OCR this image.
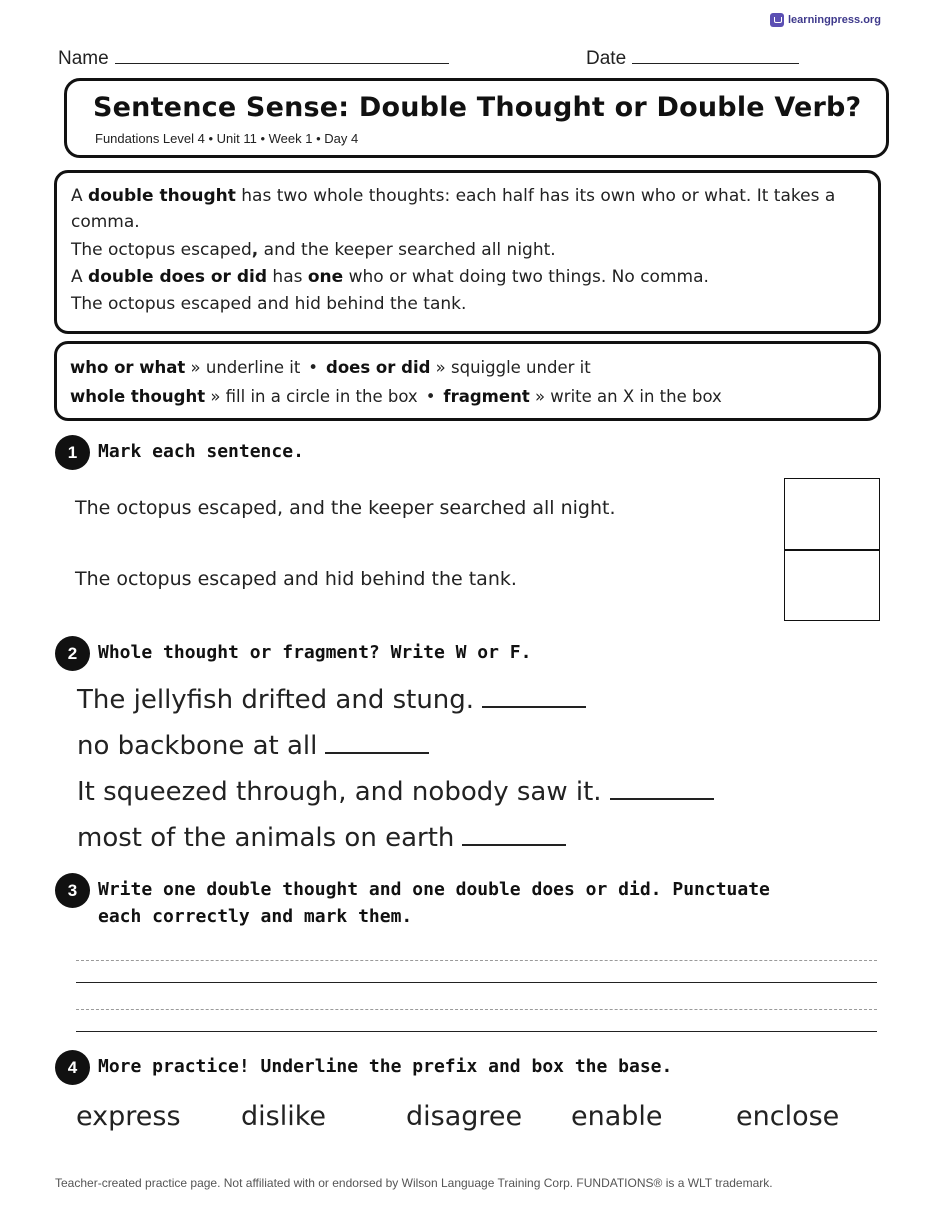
learningpress.org
Name	Date
Sentence Sense: Double Thought or Double Verb?
Fundations Level 4 • Unit 11 • Week 1 • Day 4

A double thought has two whole thoughts: each half has its own who or what. It takes a comma.

The octopus escaped, and the keeper searched all night.

A double does or did has one who or what doing two things. No comma.

The octopus escaped and hid behind the tank.

who or what » underline it • does or did » squiggle under it
whole thought » fill in a circle in the box • fragment » write an X in the box
1	Mark each sentence.
The octopus escaped, and the keeper searched all night.
The octopus escaped and hid behind the tank.
2	Whole thought or fragment? Write W or F.
The jellyfish drifted and stung.
no backbone at all
It squeezed through, and nobody saw it.
most of the animals on earth
3	Write one double thought and one double does or did. Punctuate each correctly and mark them.
4	More practice! Underline the prefix and box the base.
express dislike	disagree enable	enclose
Teacher-created practice page. Not affiliated with or endorsed by Wilson Language Training Corp. FUNDATIONS® is a WLT trademark.
